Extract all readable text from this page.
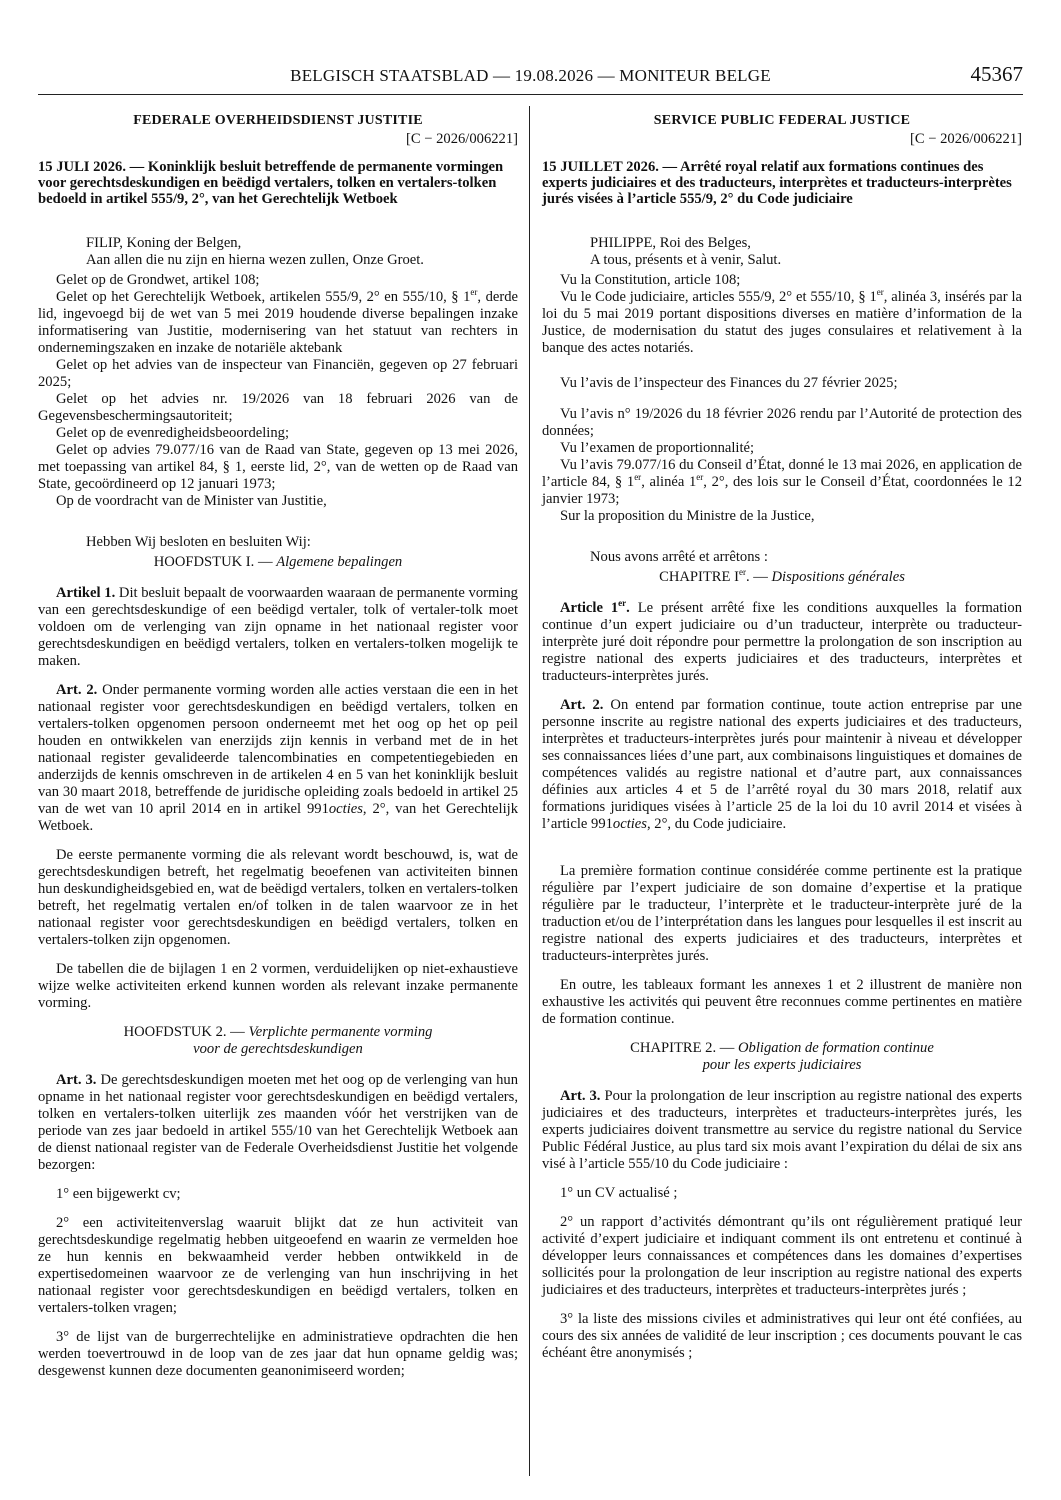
BELGISCH STAATSBLAD — 19.08.2026 — MONITEUR BELGE	45367

FEDERALE OVERHEIDSDIENST JUSTITIE

[C − 2026/006221]

15 JULI 2026. — Koninklijk besluit betreffende de permanente vormingen voor gerechtsdeskundigen en beëdigd vertalers, tolken en vertalers-tolken bedoeld in artikel 555/9, 2°, van het Gerechtelijk Wetboek

FILIP, Koning der Belgen,

Aan allen die nu zijn en hierna wezen zullen, Onze Groet.

Gelet op de Grondwet, artikel 108;

Gelet op het Gerechtelijk Wetboek, artikelen 555/9, 2° en 555/10, § 1er, derde lid, ingevoegd bij de wet van 5 mei 2019 houdende diverse bepalingen inzake informatisering van Justitie, modernisering van het statuut van rechters in ondernemingszaken en inzake de notariële aktebank

Gelet op het advies van de inspecteur van Financiën, gegeven op 27 februari 2025;

Gelet op het advies nr. 19/2026 van 18 februari 2026 van de Gegevensbeschermingsautoriteit;

Gelet op de evenredigheidsbeoordeling;

Gelet op advies 79.077/16 van de Raad van State, gegeven op 13 mei 2026, met toepassing van artikel 84, § 1, eerste lid, 2°, van de wetten op de Raad van State, gecoördineerd op 12 januari 1973;

Op de voordracht van de Minister van Justitie,

Hebben Wij besloten en besluiten Wij:

HOOFDSTUK I. — Algemene bepalingen

Artikel 1. Dit besluit bepaalt de voorwaarden waaraan de permanente vorming van een gerechtsdeskundige of een beëdigd vertaler, tolk of vertaler-tolk moet voldoen om de verlenging van zijn opname in het nationaal register voor gerechtsdeskundigen en beëdigd vertalers, tolken en vertalers-tolken mogelijk te maken.

Art. 2. Onder permanente vorming worden alle acties verstaan die een in het nationaal register voor gerechtsdeskundigen en beëdigd vertalers, tolken en vertalers-tolken opgenomen persoon onderneemt met het oog op het op peil houden en ontwikkelen van enerzijds zijn kennis in verband met de in het nationaal register gevalideerde talencombinaties en competentiegebieden en anderzijds de kennis omschreven in de artikelen 4 en 5 van het koninklijk besluit van 30 maart 2018, betreffende de juridische opleiding zoals bedoeld in artikel 25 van de wet van 10 april 2014 en in artikel 991octies, 2°, van het Gerechtelijk Wetboek.

De eerste permanente vorming die als relevant wordt beschouwd, is, wat de gerechtsdeskundigen betreft, het regelmatig beoefenen van activiteiten binnen hun deskundigheidsgebied en, wat de beëdigd vertalers, tolken en vertalers-tolken betreft, het regelmatig vertalen en/of tolken in de talen waarvoor ze in het nationaal register voor gerechtsdeskundigen en beëdigd vertalers, tolken en vertalers-tolken zijn opgenomen.

De tabellen die de bijlagen 1 en 2 vormen, verduidelijken op niet-exhaustieve wijze welke activiteiten erkend kunnen worden als relevant inzake permanente vorming.

HOOFDSTUK 2. — Verplichte permanente vorming
voor de gerechtsdeskundigen

Art. 3. De gerechtsdeskundigen moeten met het oog op de verlenging van hun opname in het nationaal register voor gerechtsdeskundigen en beëdigd vertalers, tolken en vertalers-tolken uiterlijk zes maanden vóór het verstrijken van de periode van zes jaar bedoeld in artikel 555/10 van het Gerechtelijk Wetboek aan de dienst nationaal register van de Federale Overheidsdienst Justitie het volgende bezorgen:

1° een bijgewerkt cv;

2° een activiteitenverslag waaruit blijkt dat ze hun activiteit van gerechtsdeskundige regelmatig hebben uitgeoefend en waarin ze vermelden hoe ze hun kennis en bekwaamheid verder hebben ontwikkeld in de expertisedomeinen waarvoor ze de verlenging van hun inschrijving in het nationaal register voor gerechtsdeskundigen en beëdigd vertalers, tolken en vertalers-tolken vragen;

3° de lijst van de burgerrechtelijke en administratieve opdrachten die hen werden toevertrouwd in de loop van de zes jaar dat hun opname geldig was; desgewenst kunnen deze documenten geanonimiseerd worden;

SERVICE PUBLIC FEDERAL JUSTICE

[C − 2026/006221]

15 JUILLET 2026. — Arrêté royal relatif aux formations continues des experts judiciaires et des traducteurs, interprètes et traducteurs-interprètes jurés visées à l’article 555/9, 2° du Code judiciaire

PHILIPPE, Roi des Belges,

A tous, présents et à venir, Salut.

Vu la Constitution, article 108;

Vu le Code judiciaire, articles 555/9, 2° et 555/10, § 1er, alinéa 3, insérés par la loi du 5 mai 2019 portant dispositions diverses en matière d’information de la Justice, de modernisation du statut des juges consulaires et relativement à la banque des actes notariés.

Vu l’avis de l’inspecteur des Finances du 27 février 2025;

Vu l’avis n° 19/2026 du 18 février 2026 rendu par l’Autorité de protection des données;

Vu l’examen de proportionnalité;

Vu l’avis 79.077/16 du Conseil d’État, donné le 13 mai 2026, en application de l’article 84, § 1er, alinéa 1er, 2°, des lois sur le Conseil d’État, coordonnées le 12 janvier 1973;

Sur la proposition du Ministre de la Justice,

Nous avons arrêté et arrêtons :

CHAPITRE Ier. — Dispositions générales

Article 1er. Le présent arrêté fixe les conditions auxquelles la formation continue d’un expert judiciaire ou d’un traducteur, interprète ou traducteur-interprète juré doit répondre pour permettre la prolongation de son inscription au registre national des experts judiciaires et des traducteurs, interprètes et traducteurs-interprètes jurés.

Art. 2. On entend par formation continue, toute action entreprise par une personne inscrite au registre national des experts judiciaires et des traducteurs, interprètes et traducteurs-interprètes jurés pour maintenir à niveau et développer ses connaissances liées d’une part, aux combinaisons linguistiques et domaines de compétences validés au registre national et d’autre part, aux connaissances définies aux articles 4 et 5 de l’arrêté royal du 30 mars 2018, relatif aux formations juridiques visées à l’article 25 de la loi du 10 avril 2014 et visées à l’article 991octies, 2°, du Code judiciaire.

La première formation continue considérée comme pertinente est la pratique régulière par l’expert judiciaire de son domaine d’expertise et la pratique régulière par le traducteur, l’interprète et le traducteur-interprète juré de la traduction et/ou de l’interprétation dans les langues pour lesquelles il est inscrit au registre national des experts judiciaires et des traducteurs, interprètes et traducteurs-interprètes jurés.

En outre, les tableaux formant les annexes 1 et 2 illustrent de manière non exhaustive les activités qui peuvent être reconnues comme pertinentes en matière de formation continue.

CHAPITRE 2. — Obligation de formation continue
pour les experts judiciaires

Art. 3. Pour la prolongation de leur inscription au registre national des experts judiciaires et des traducteurs, interprètes et traducteurs-interprètes jurés, les experts judiciaires doivent transmettre au service du registre national du Service Public Fédéral Justice, au plus tard six mois avant l’expiration du délai de six ans visé à l’article 555/10 du Code judiciaire :

1° un CV actualisé ;

2° un rapport d’activités démontrant qu’ils ont régulièrement pratiqué leur activité d’expert judiciaire et indiquant comment ils ont entretenu et continué à développer leurs connaissances et compétences dans les domaines d’expertises sollicités pour la prolongation de leur inscription au registre national des experts judiciaires et des traducteurs, interprètes et traducteurs-interprètes jurés ;

3° la liste des missions civiles et administratives qui leur ont été confiées, au cours des six années de validité de leur inscription ; ces documents pouvant le cas échéant être anonymisés ;
